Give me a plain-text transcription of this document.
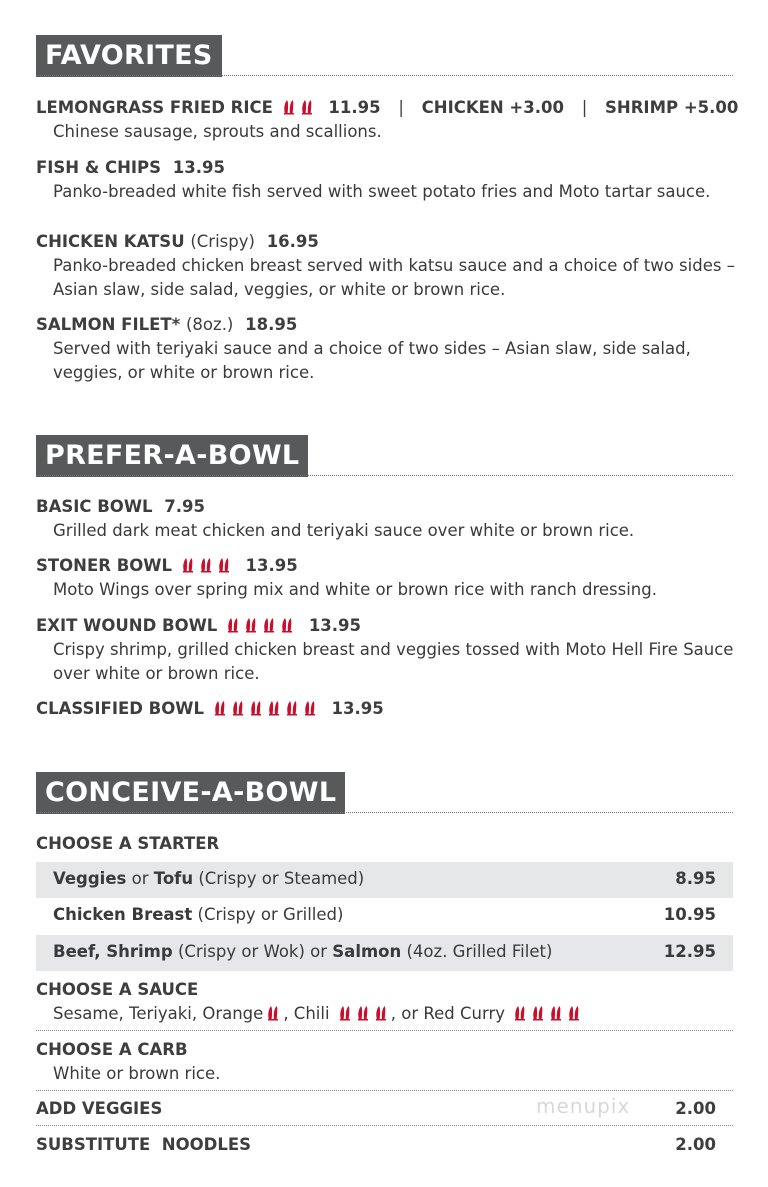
FAVORITES
LEMONGRASS FRIED RICE	11.95 | CHICKEN +3.00 | SHRIMP +5.00
Chinese sausage, sprouts and scallions.
FISH & CHIPS 13.95
Panko-breaded white fish served with sweet potato fries and Moto tartar sauce.
CHICKEN KATSU (Crispy) 16.95
Panko-breaded chicken breast served with katsu sauce and a choice of two sides – Asian slaw, side salad, veggies, or white or brown rice.
SALMON FILET* (8oz.) 18.95
Served with teriyaki sauce and a choice of two sides – Asian slaw, side salad, veggies, or white or brown rice.
PREFER-A-BOWL
BASIC BOWL 7.95
Grilled dark meat chicken and teriyaki sauce over white or brown rice.
STONER BOWL	13.95
Moto Wings over spring mix and white or brown rice with ranch dressing.
EXIT WOUND BOWL	13.95
Crispy shrimp, grilled chicken breast and veggies tossed with Moto Hell Fire Sauce over white or brown rice.
CLASSIFIED BOWL	13.95
CONCEIVE-A-BOWL
CHOOSE A STARTER
Veggies or Tofu (Crispy or Steamed)	8.95
Chicken Breast (Crispy or Grilled)	10.95
Beef, Shrimp (Crispy or Wok) or Salmon (4oz. Grilled Filet)	12.95
CHOOSE A SAUCE
Sesame, Teriyaki, Orange , Chili	, or Red Curry
CHOOSE A CARB
White or brown rice.
ADD VEGGIES	2.00
SUBSTITUTE  NOODLES	2.00
menupix
